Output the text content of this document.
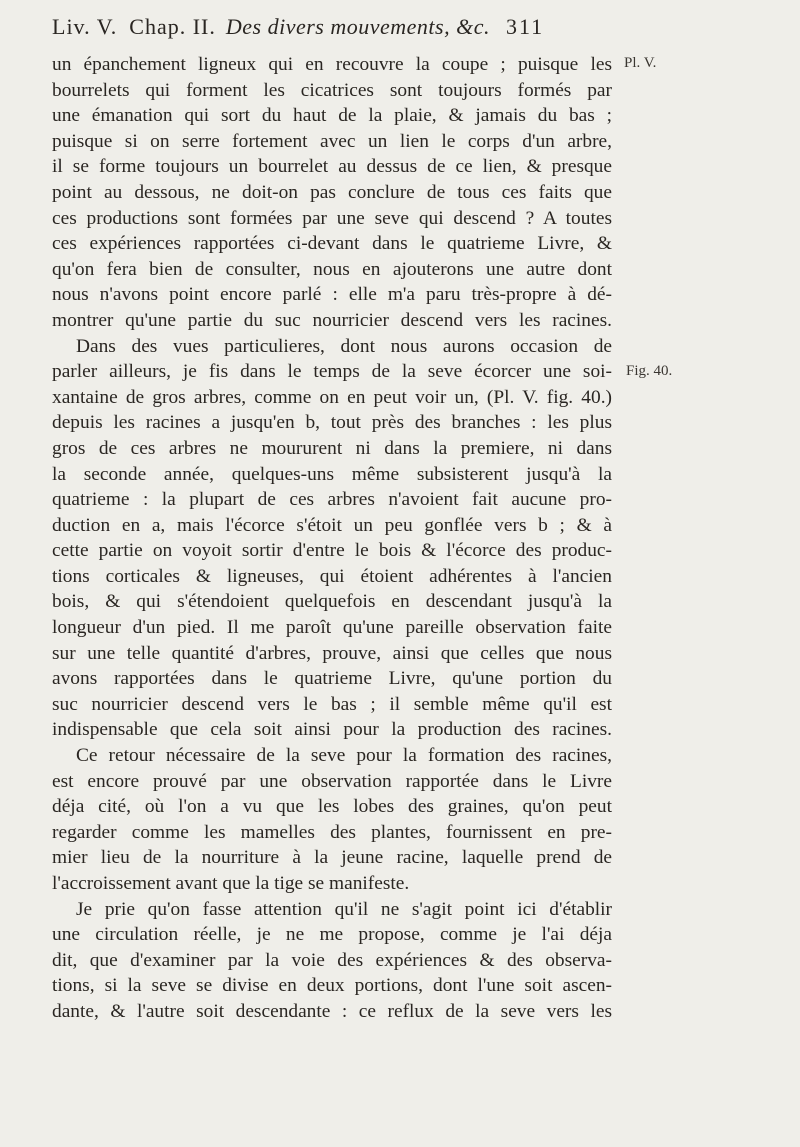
Liv. V. Chap. II. Des divers mouvements, &c. 311
Pl. V.
Fig. 40.
un épanchement ligneux qui en recouvre la coupe ; puisque les
bourrelets qui forment les cicatrices sont toujours formés par
une émanation qui sort du haut de la plaie, & jamais du bas ;
puisque si on serre fortement avec un lien le corps d'un arbre,
il se forme toujours un bourrelet au dessus de ce lien, & presque
point au dessous, ne doit-on pas conclure de tous ces faits que
ces productions sont formées par une seve qui descend ? A toutes
ces expériences rapportées ci-devant dans le quatrieme Livre, &
qu'on fera bien de consulter, nous en ajouterons une autre dont
nous n'avons point encore parlé : elle m'a paru très-propre à dé-
montrer qu'une partie du suc nourricier descend vers les racines.
Dans des vues particulieres, dont nous aurons occasion de
parler ailleurs, je fis dans le temps de la seve écorcer une soi-
xantaine de gros arbres, comme on en peut voir un, (Pl. V. fig. 40.)
depuis les racines a jusqu'en b, tout près des branches : les plus
gros de ces arbres ne moururent ni dans la premiere, ni dans
la seconde année, quelques-uns même subsisterent jusqu'à la
quatrieme : la plupart de ces arbres n'avoient fait aucune pro-
duction en a, mais l'écorce s'étoit un peu gonflée vers b ; & à
cette partie on voyoit sortir d'entre le bois & l'écorce des produc-
tions corticales & ligneuses, qui étoient adhérentes à l'ancien
bois, & qui s'étendoient quelquefois en descendant jusqu'à la
longueur d'un pied. Il me paroît qu'une pareille observation faite
sur une telle quantité d'arbres, prouve, ainsi que celles que nous
avons rapportées dans le quatrieme Livre, qu'une portion du
suc nourricier descend vers le bas ; il semble même qu'il est
indispensable que cela soit ainsi pour la production des racines.
Ce retour nécessaire de la seve pour la formation des racines,
est encore prouvé par une observation rapportée dans le Livre
déja cité, où l'on a vu que les lobes des graines, qu'on peut
regarder comme les mamelles des plantes, fournissent en pre-
mier lieu de la nourriture à la jeune racine, laquelle prend de
l'accroissement avant que la tige se manifeste.
Je prie qu'on fasse attention qu'il ne s'agit point ici d'établir
une circulation réelle, je ne me propose, comme je l'ai déja
dit, que d'examiner par la voie des expériences & des observa-
tions, si la seve se divise en deux portions, dont l'une soit ascen-
dante, & l'autre soit descendante : ce reflux de la seve vers les
